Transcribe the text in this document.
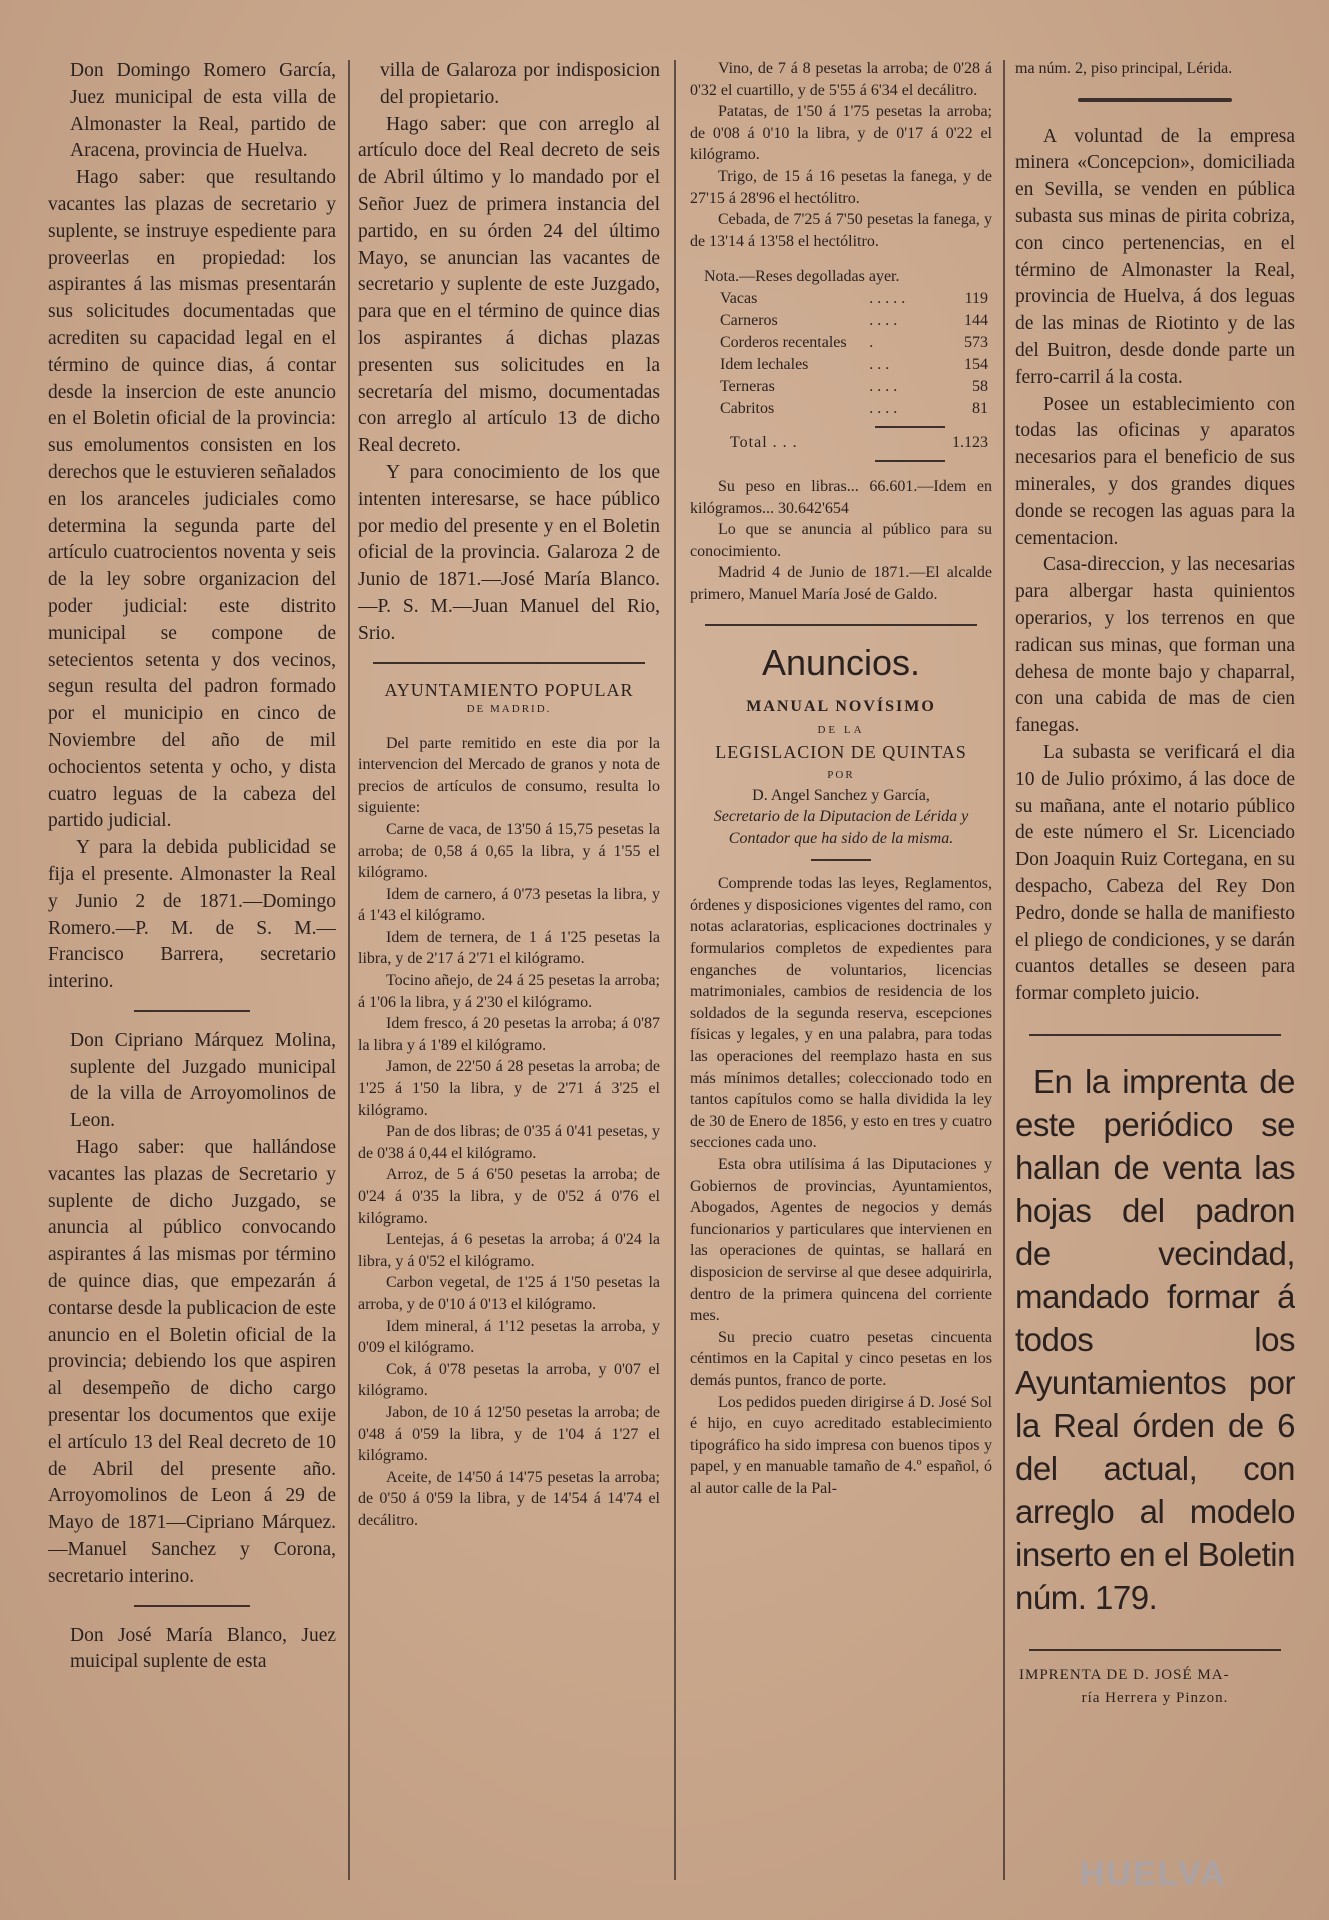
Don Domingo Romero García, Juez municipal de esta villa de Almonaster la Real, partido de Aracena, provincia de Huelva.

Hago saber: que resultando vacantes las plazas de secretario y suplente, se instruye espediente para proveerlas en propiedad: los aspirantes á las mismas presentarán sus solicitudes documentadas que acrediten su capacidad legal en el término de quince dias, á contar desde la insercion de este anuncio en el Boletin oficial de la provincia: sus emolumentos consisten en los derechos que le estuvieren señalados en los aranceles judiciales como determina la segunda parte del artículo cuatrocientos noventa y seis de la ley sobre organizacion del poder judicial: este distrito municipal se compone de setecientos setenta y dos vecinos, segun resulta del padron formado por el municipio en cinco de Noviembre del año de mil ochocientos setenta y ocho, y dista cuatro leguas de la cabeza del partido judicial.

Y para la debida publicidad se fija el presente. Almonaster la Real y Junio 2 de 1871.—Domingo Romero.—P. M. de S. M.—Francisco Barrera, secretario interino.

Don Cipriano Márquez Molina, suplente del Juzgado municipal de la villa de Arroyomolinos de Leon.

Hago saber: que hallándose vacantes las plazas de Secretario y suplente de dicho Juzgado, se anuncia al público convocando aspirantes á las mismas por término de quince dias, que empezarán á contarse desde la publicacion de este anuncio en el Boletin oficial de la provincia; debiendo los que aspiren al desempeño de dicho cargo presentar los documentos que exije el artículo 13 del Real decreto de 10 de Abril del presente año. Arroyomolinos de Leon á 29 de Mayo de 1871—Cipriano Márquez.—Manuel Sanchez y Corona, secretario interino.

Don José María Blanco, Juez muicipal suplente de esta

villa de Galaroza por indisposicion del propietario.

Hago saber: que con arreglo al artículo doce del Real decreto de seis de Abril último y lo mandado por el Señor Juez de primera instancia del partido, en su órden 24 del último Mayo, se anuncian las vacantes de secretario y suplente de este Juzgado, para que en el término de quince dias los aspirantes á dichas plazas presenten sus solicitudes en la secretaría del mismo, documentadas con arreglo al artículo 13 de dicho Real decreto.

Y para conocimiento de los que intenten interesarse, se hace público por medio del presente y en el Boletin oficial de la provincia. Galaroza 2 de Junio de 1871.—José María Blanco.—P. S. M.—Juan Manuel del Rio, Srio.

AYUNTAMIENTO POPULAR
DE MADRID.

Del parte remitido en este dia por la intervencion del Mercado de granos y nota de precios de artículos de consumo, resulta lo siguiente:

Carne de vaca, de 13'50 á 15,75 pesetas la arroba; de 0,58 á 0,65 la libra, y á 1'55 el kilógramo.

Idem de carnero, á 0'73 pesetas la libra, y á 1'43 el kilógramo.

Idem de ternera, de 1 á 1'25 pesetas la libra, y de 2'17 á 2'71 el kilógramo.

Tocino añejo, de 24 á 25 pesetas la arroba; á 1'06 la libra, y á 2'30 el kilógramo.

Idem fresco, á 20 pesetas la arroba; á 0'87 la libra y á 1'89 el kilógramo.

Jamon, de 22'50 á 28 pesetas la arroba; de 1'25 á 1'50 la libra, y de 2'71 á 3'25 el kilógramo.

Pan de dos libras; de 0'35 á 0'41 pesetas, y de 0'38 á 0,44 el kilógramo.

Arroz, de 5 á 6'50 pesetas la arroba; de 0'24 á 0'35 la libra, y de 0'52 á 0'76 el kilógramo.

Lentejas, á 6 pesetas la arroba; á 0'24 la libra, y á 0'52 el kilógramo.

Carbon vegetal, de 1'25 á 1'50 pesetas la arroba, y de 0'10 á 0'13 el kilógramo.

Idem mineral, á 1'12 pesetas la arroba, y 0'09 el kilógramo.

Cok, á 0'78 pesetas la arroba, y 0'07 el kilógramo.

Jabon, de 10 á 12'50 pesetas la arroba; de 0'48 á 0'59 la libra, y de 1'04 á 1'27 el kilógramo.

Aceite, de 14'50 á 14'75 pesetas la arroba; de 0'50 á 0'59 la libra, y de 14'54 á 14'74 el decálitro.

Vino, de 7 á 8 pesetas la arroba; de 0'28 á 0'32 el cuartillo, y de 5'55 á 6'34 el decálitro.

Patatas, de 1'50 á 1'75 pesetas la arroba; de 0'08 á 0'10 la libra, y de 0'17 á 0'22 el kilógramo.

Trigo, de 15 á 16 pesetas la fanega, y de 27'15 á 28'96 el hectólitro.

Cebada, de 7'25 á 7'50 pesetas la fanega, y de 13'14 á 13'58 el hectólitro.

Nota.—Reses degolladas ayer.

Vacas	. . . . .	119
Carneros	. . . .	144
Corderos recentales	.	573
Idem lechales	. . .	154
Terneras	. . . .	58
Cabritos	. . . .	81
Total . . .	1.123

Su peso en libras... 66.601.—Idem en kilógramos... 30.642'654

Lo que se anuncia al público para su conocimiento.

Madrid 4 de Junio de 1871.—El alcalde primero, Manuel María José de Galdo.

Anuncios.
MANUAL NOVÍSIMO
DE LA
LEGISLACION DE QUINTAS
POR

D. Angel Sanchez y García,

Secretario de la Diputacion de Lérida y Contador que ha sido de la misma.

Comprende todas las leyes, Reglamentos, órdenes y disposiciones vigentes del ramo, con notas aclaratorias, esplicaciones doctrinales y formularios completos de expedientes para enganches de voluntarios, licencias matrimoniales, cambios de residencia de los soldados de la segunda reserva, escepciones físicas y legales, y en una palabra, para todas las operaciones del reemplazo hasta en sus más mínimos detalles; coleccionado todo en tantos capítulos como se halla dividida la ley de 30 de Enero de 1856, y esto en tres y cuatro secciones cada uno.

Esta obra utilísima á las Diputaciones y Gobiernos de provincias, Ayuntamientos, Abogados, Agentes de negocios y demás funcionarios y particulares que intervienen en las operaciones de quintas, se hallará en disposicion de servirse al que desee adquirirla, dentro de la primera quincena del corriente mes.

Su precio cuatro pesetas cincuenta céntimos en la Capital y cinco pesetas en los demás puntos, franco de porte.

Los pedidos pueden dirigirse á D. José Sol é hijo, en cuyo acreditado establecimiento tipográfico ha sido impresa con buenos tipos y papel, y en manuable tamaño de 4.º español, ó al autor calle de la Pal-

ma núm. 2, piso principal, Lérida.

A voluntad de la empresa minera «Concepcion», domiciliada en Sevilla, se venden en pública subasta sus minas de pirita cobriza, con cinco pertenencias, en el término de Almonaster la Real, provincia de Huelva, á dos leguas de las minas de Riotinto y de las del Buitron, desde donde parte un ferro-carril á la costa.

Posee un establecimiento con todas las oficinas y aparatos necesarios para el beneficio de sus minerales, y dos grandes diques donde se recogen las aguas para la cementacion.

Casa-direccion, y las necesarias para albergar hasta quinientos operarios, y los terrenos en que radican sus minas, que forman una dehesa de monte bajo y chaparral, con una cabida de mas de cien fanegas.

La subasta se verificará el dia 10 de Julio próximo, á las doce de su mañana, ante el notario público de este número el Sr. Licenciado Don Joaquin Ruiz Cortegana, en su despacho, Cabeza del Rey Don Pedro, donde se halla de manifiesto el pliego de condiciones, y se darán cuantos detalles se deseen para formar completo juicio.

En la imprenta de este periódico se hallan de venta las hojas del padron de vecindad, mandado formar á todos los Ayuntamientos por la Real órden de 6 del actual, con arreglo al modelo inserto en el Boletin núm. 179.

IMPRENTA DE D. JOSÉ MA-

ría Herrera y Pinzon.

HUELVA
